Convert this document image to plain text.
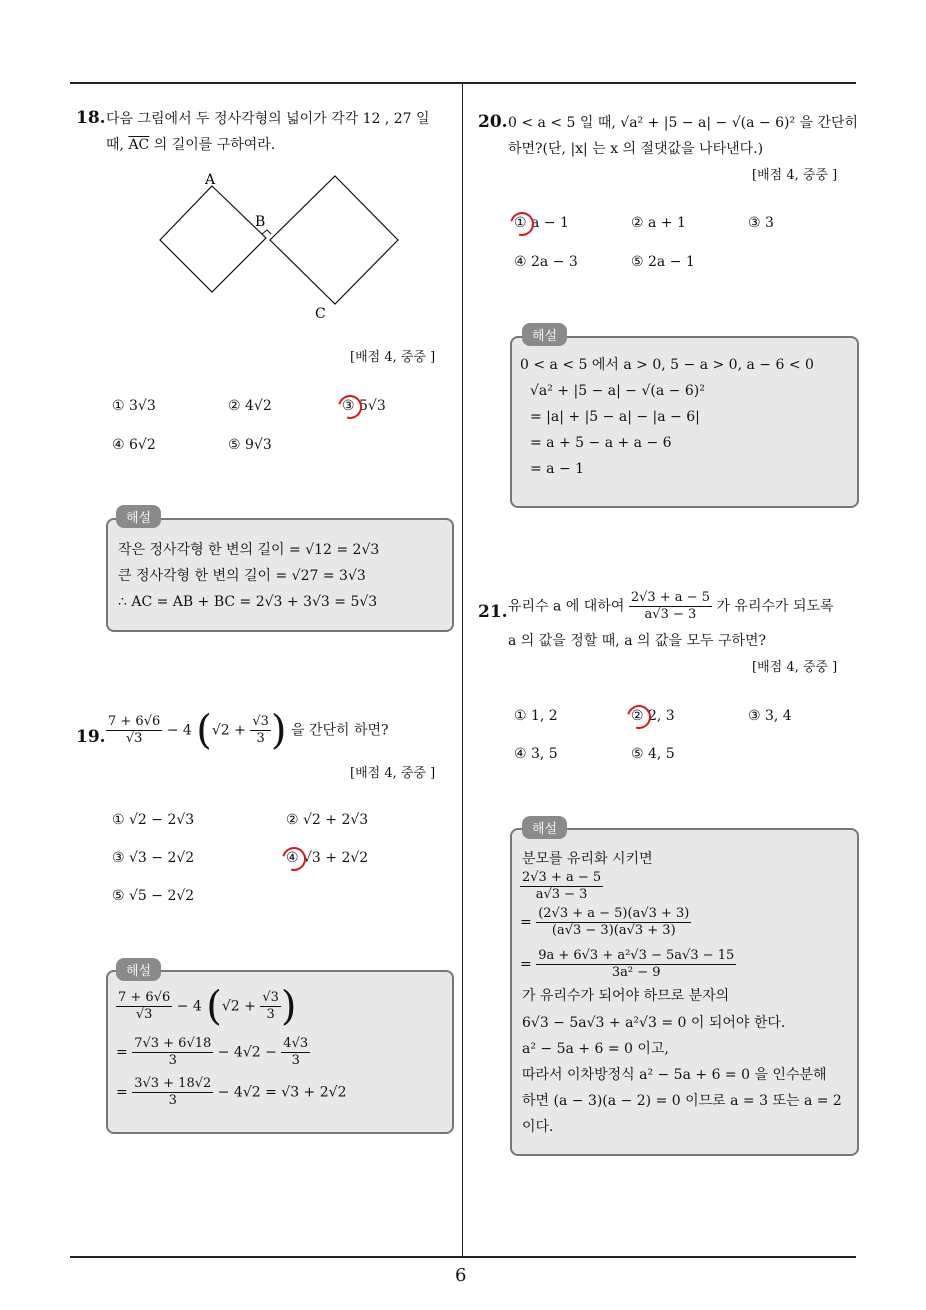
6
18. 다음 그림에서 두 정사각형의 넓이가 각각 12 , 27 일
때, $\overline{AC}$ 의 길이를 구하여라.
A
B
C
[배점 4, 중중 ]
① 3√3	② 4√2	③ 5√3
④ 6√2	⑤ 9√3
해설
작은 정사각형 한 변의 길이 = √12 = 2√3
큰 정사각형 한 변의 길이 = √27 = 3√3
∴ AC = AB + BC = 2√3 + 3√3 = 5√3
19. $\frac{7 + 6√6}{√3} - 4$ ($√2 + \frac{√3}{3}$ ) 을 간단히 하면?
[배점 4, 중중 ]
① √2 − 2√3	② √2 + 2√3
③ √3 − 2√2	④ √3 + 2√2
⑤ √5 − 2√2
해설
$\frac{7 + 6√6}{√3} - 4$ ($√2 + \frac{√3}{3}$ )
= $\frac{7√3 + 6√18}{3} - 4√2 - \frac{4√3}{3}$
= $\frac{3√3 + 18√2}{3} - 4√2 = √3 + 2√2$
20. 0 < a < 5 일 때, √a² + |5 − a| − √(a − 6)² 을 간단히
하면?(단, |x| 는 x 의 절댓값을 나타낸다.)
[배점 4, 중중 ]
① a − 1	② a + 1	③ 3
④ 2a − 3	⑤ 2a − 1
해설
0 < a < 5 에서 a > 0, 5 − a > 0, a − 6 < 0
√a² + |5 − a| − √(a − 6)²
= |a| + |5 − a| − |a − 6|
= a + 5 − a + a − 6
= a − 1
21. 유리수 a 에 대하여 $\frac{2√3 + a - 5}{a√3 - 3}$ 가 유리수가 되도록
a 의 값을 정할 때, a 의 값을 모두 구하면?
[배점 4, 중중 ]
① 1, 2	② 2, 3	③ 3, 4
④ 3, 5	⑤ 4, 5
해설
분모를 유리화 시키면
$\frac{2√3 + a - 5}{a√3 - 3}$
= $\frac{(2√3 + a - 5)(a√3 + 3)}{(a√3 - 3)(a√3 + 3)}$
= $\frac{\text{9a + 6√3 + a²√3 − 5a√3 − 15}}{\text{3a² − 9}}$
가 유리수가 되어야 하므로 분자의
6√3 − 5a√3 + a²√3 = 0 이 되어야 한다.
a² − 5a + 6 = 0 이고,
따라서 이차방정식 a² − 5a + 6 = 0 을 인수분해
하면 (a − 3)(a − 2) = 0 이므로 a = 3 또는 a = 2
이다.
